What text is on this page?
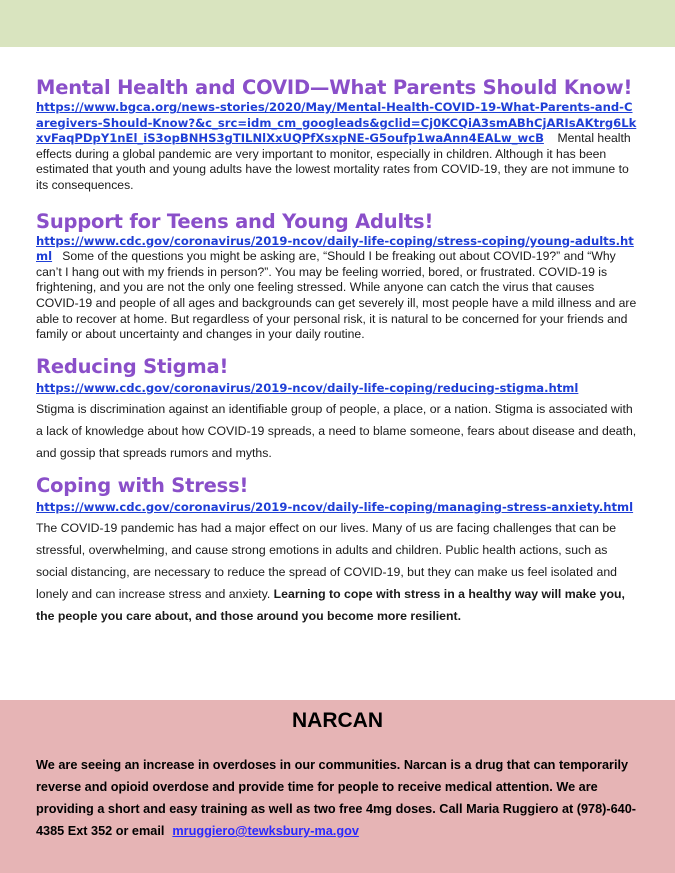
Mental Health and COVID—What Parents Should Know!

https://www.bgca.org/news-stories/2020/May/Mental-Health-COVID-19-What-Parents-and-Caregivers-Should-Know?&c_src=idm_cm_googleads&gclid=Cj0KCQiA3smABhCjARIsAKtrg6LkxvFaqPDpY1nEl_iS3opBNHS3gTILNlXxUQPfXsxpNE-G5oufp1waAnn4EALw_wcB Mental health effects during a global pandemic are very important to monitor, especially in children. Although it has been estimated that youth and young adults have the lowest mortality rates from COVID-19, they are not immune to its consequences.

Support for Teens and Young Adults!

https://www.cdc.gov/coronavirus/2019-ncov/daily-life-coping/stress-coping/young-adults.html Some of the questions you might be asking are, “Should I be freaking out about COVID-19?” and “Why can’t I hang out with my friends in person?”. You may be feeling worried, bored, or frustrated. COVID-19 is frightening, and you are not the only one feeling stressed. While anyone can catch the virus that causes COVID-19 and people of all ages and backgrounds can get severely ill, most people have a mild illness and are able to recover at home. But regardless of your personal risk, it is natural to be concerned for your friends and family or about uncertainty and changes in your daily routine.

Reducing Stigma!
https://www.cdc.gov/coronavirus/2019-ncov/daily-life-coping/reducing-stigma.html

Stigma is discrimination against an identifiable group of people, a place, or a nation. Stigma is associated with a lack of knowledge about how COVID-19 spreads, a need to blame someone, fears about disease and death, and gossip that spreads rumors and myths.

Coping with Stress!
https://www.cdc.gov/coronavirus/2019-ncov/daily-life-coping/managing-stress-anxiety.html

The COVID-19 pandemic has had a major effect on our lives. Many of us are facing challenges that can be stressful, overwhelming, and cause strong emotions in adults and children. Public health actions, such as social distancing, are necessary to reduce the spread of COVID-19, but they can make us feel isolated and lonely and can increase stress and anxiety. Learning to cope with stress in a healthy way will make you, the people you care about, and those around you become more resilient.

NARCAN

We are seeing an increase in overdoses in our communities. Narcan is a drug that can temporarily reverse and opioid overdose and provide time for people to receive medical attention. We are providing a short and easy training as well as two free 4mg doses. Call Maria Ruggiero at (978)-640-4385 Ext 352 or email mruggiero@tewksbury-ma.gov
